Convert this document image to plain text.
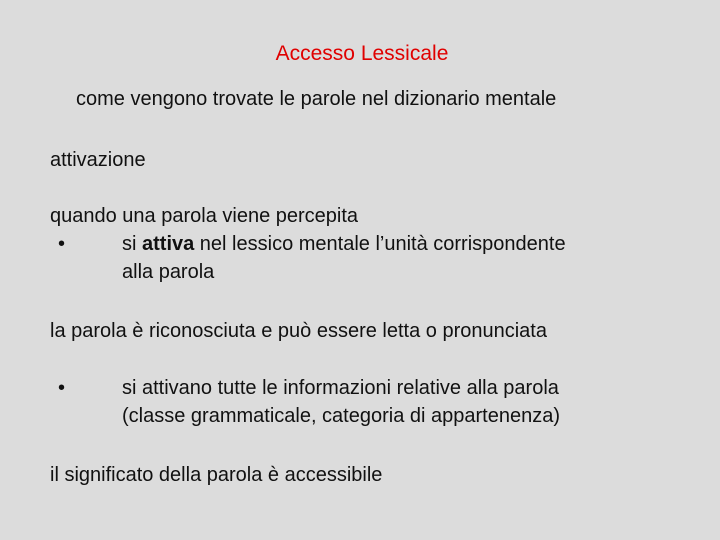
Accesso Lessicale
come vengono trovate le parole nel dizionario mentale
attivazione
quando una parola viene percepita
•	si attiva nel lessico mentale l’unità corrispondente
alla parola
la parola è riconosciuta e può essere letta o pronunciata
•	si attivano tutte le informazioni relative alla parola
(classe grammaticale, categoria di appartenenza)
il significato della parola è accessibile
